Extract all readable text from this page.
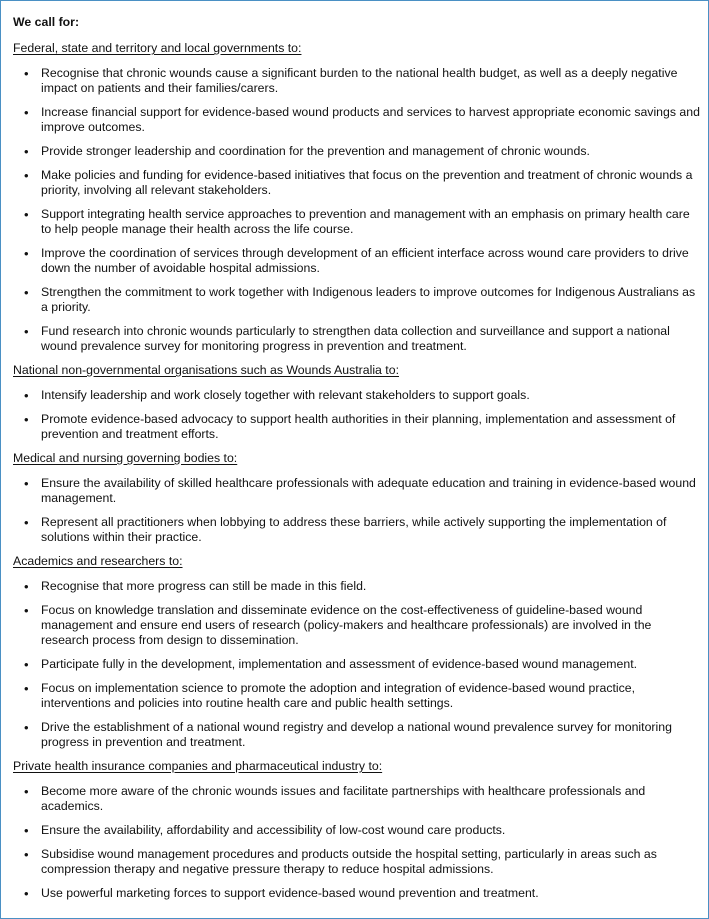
We call for:
Federal, state and territory and local governments to:
• Recognise that chronic wounds cause a significant burden to the national health budget, as well as a deeply negative impact on patients and their families/carers.
• Increase financial support for evidence-based wound products and services to harvest appropriate economic savings and improve outcomes.
• Provide stronger leadership and coordination for the prevention and management of chronic wounds.
• Make policies and funding for evidence-based initiatives that focus on the prevention and treatment of chronic wounds a priority, involving all relevant stakeholders.
• Support integrating health service approaches to prevention and management with an emphasis on primary health care to help people manage their health across the life course.
• Improve the coordination of services through development of an efficient interface across wound care providers to drive down the number of avoidable hospital admissions.
• Strengthen the commitment to work together with Indigenous leaders to improve outcomes for Indigenous Australians as a priority.
• Fund research into chronic wounds particularly to strengthen data collection and surveillance and support a national wound prevalence survey for monitoring progress in prevention and treatment.
National non-governmental organisations such as Wounds Australia to:
• Intensify leadership and work closely together with relevant stakeholders to support goals.
• Promote evidence-based advocacy to support health authorities in their planning, implementation and assessment of prevention and treatment efforts.
Medical and nursing governing bodies to:
• Ensure the availability of skilled healthcare professionals with adequate education and training in evidence-based wound management.
• Represent all practitioners when lobbying to address these barriers, while actively supporting the implementation of solutions within their practice.
Academics and researchers to:
• Recognise that more progress can still be made in this field.
• Focus on knowledge translation and disseminate evidence on the cost-effectiveness of guideline-based wound management and ensure end users of research (policy-makers and healthcare professionals) are involved in the research process from design to dissemination.
• Participate fully in the development, implementation and assessment of evidence-based wound management.
• Focus on implementation science to promote the adoption and integration of evidence-based wound practice, interventions and policies into routine health care and public health settings.
• Drive the establishment of a national wound registry and develop a national wound prevalence survey for monitoring progress in prevention and treatment.
Private health insurance companies and pharmaceutical industry to:
• Become more aware of the chronic wounds issues and facilitate partnerships with healthcare professionals and academics.
• Ensure the availability, affordability and accessibility of low-cost wound care products.
• Subsidise wound management procedures and products outside the hospital setting, particularly in areas such as compression therapy and negative pressure therapy to reduce hospital admissions.
• Use powerful marketing forces to support evidence-based wound prevention and treatment.
